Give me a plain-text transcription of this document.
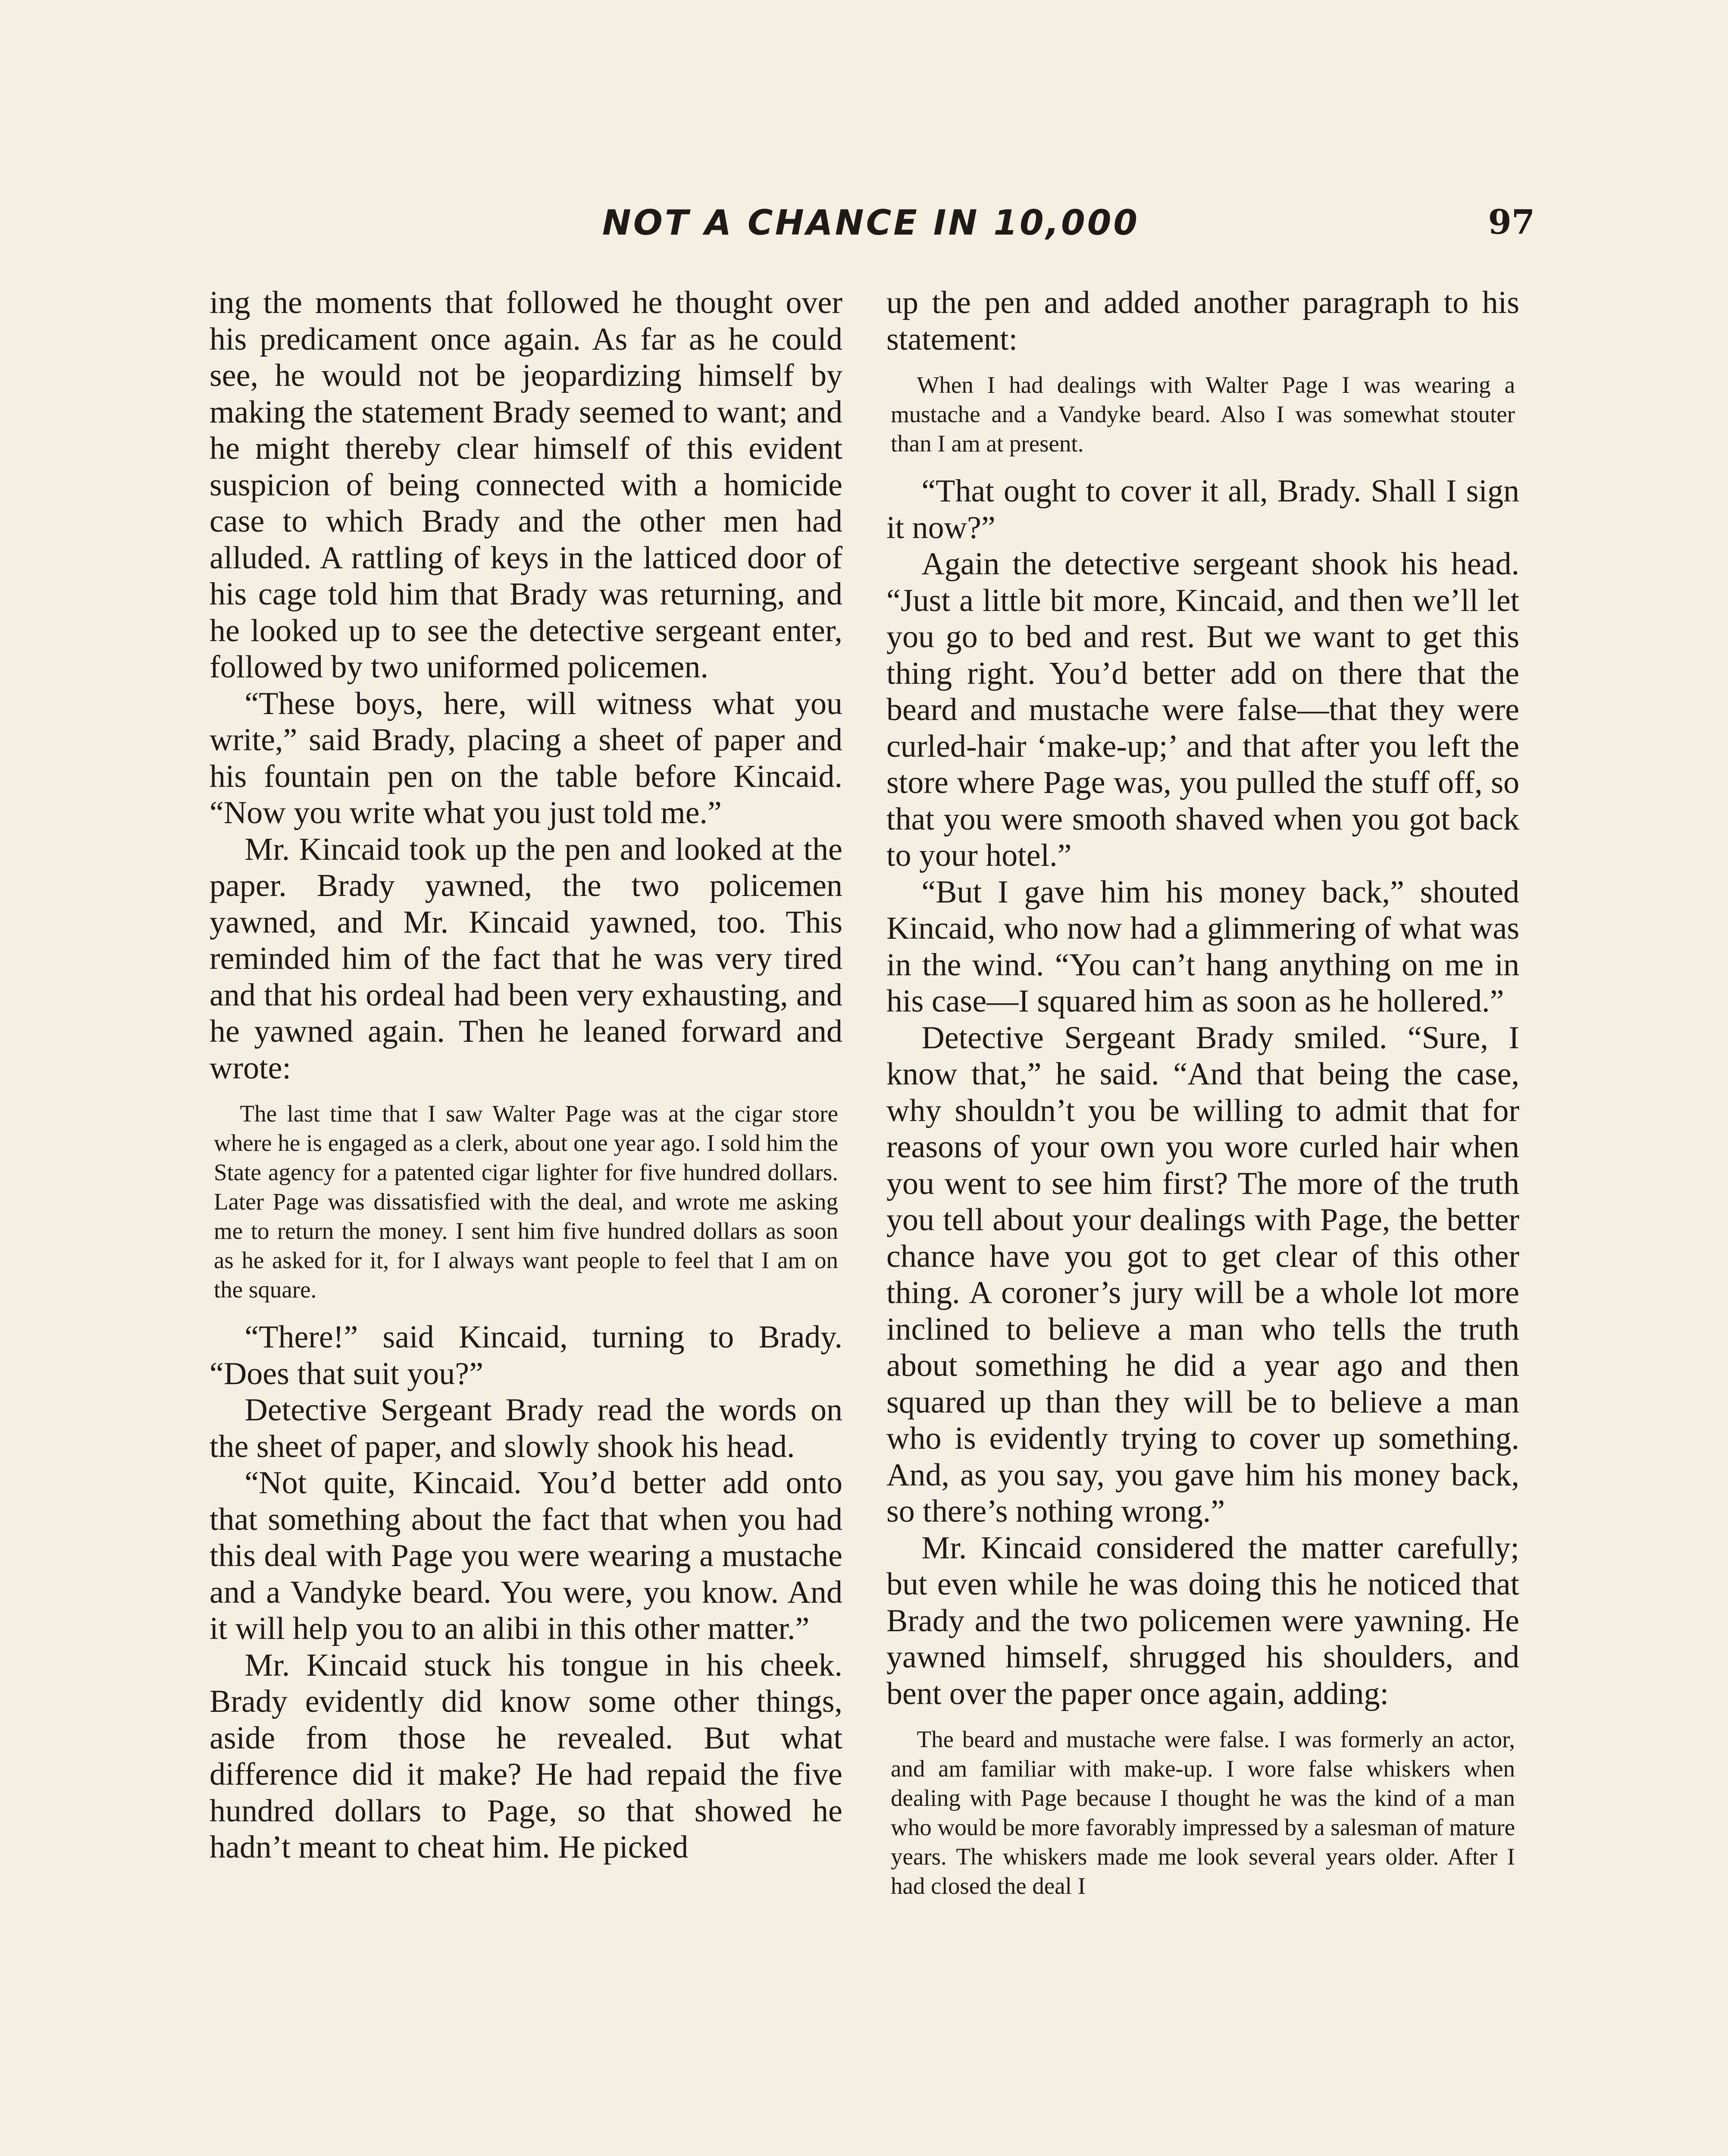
NOT A CHANCE IN 10,000	97

ing the moments that followed he thought over his predicament once again. As far as he could see, he would not be jeopardizing himself by making the statement Brady seemed to want; and he might thereby clear himself of this evident suspicion of being connected with a homicide case to which Brady and the other men had alluded. A rattling of keys in the latticed door of his cage told him that Brady was returning, and he looked up to see the detective sergeant enter, followed by two uniformed policemen.

“These boys, here, will witness what you write,” said Brady, placing a sheet of paper and his fountain pen on the table before Kincaid. “Now you write what you just told me.”

Mr. Kincaid took up the pen and looked at the paper. Brady yawned, the two policemen yawned, and Mr. Kincaid yawned, too. This reminded him of the fact that he was very tired and that his ordeal had been very exhausting, and he yawned again. Then he leaned forward and wrote:

The last time that I saw Walter Page was at the cigar store where he is engaged as a clerk, about one year ago. I sold him the State agency for a patented cigar lighter for five hundred dollars. Later Page was dissatisfied with the deal, and wrote me asking me to return the money. I sent him five hundred dollars as soon as he asked for it, for I always want people to feel that I am on the square.

“There!” said Kincaid, turning to Brady. “Does that suit you?”

Detective Sergeant Brady read the words on the sheet of paper, and slowly shook his head.

“Not quite, Kincaid. You’d better add onto that something about the fact that when you had this deal with Page you were wearing a mustache and a Vandyke beard. You were, you know. And it will help you to an alibi in this other matter.”

Mr. Kincaid stuck his tongue in his cheek. Brady evidently did know some other things, aside from those he revealed. But what difference did it make? He had repaid the five hundred dollars to Page, so that showed he hadn’t meant to cheat him. He picked

up the pen and added another paragraph to his statement:

When I had dealings with Walter Page I was wearing a mustache and a Vandyke beard. Also I was somewhat stouter than I am at present.

“That ought to cover it all, Brady. Shall I sign it now?”

Again the detective sergeant shook his head. “Just a little bit more, Kincaid, and then we’ll let you go to bed and rest. But we want to get this thing right. You’d better add on there that the beard and mustache were false—that they were curled-hair ‘make-up;’ and that after you left the store where Page was, you pulled the stuff off, so that you were smooth shaved when you got back to your hotel.”

“But I gave him his money back,” shouted Kincaid, who now had a glimmering of what was in the wind. “You can’t hang anything on me in his case—I squared him as soon as he hollered.”

Detective Sergeant Brady smiled. “Sure, I know that,” he said. “And that being the case, why shouldn’t you be willing to admit that for reasons of your own you wore curled hair when you went to see him first? The more of the truth you tell about your dealings with Page, the better chance have you got to get clear of this other thing. A coroner’s jury will be a whole lot more inclined to believe a man who tells the truth about something he did a year ago and then squared up than they will be to believe a man who is evidently trying to cover up something. And, as you say, you gave him his money back, so there’s nothing wrong.”

Mr. Kincaid considered the matter carefully; but even while he was doing this he noticed that Brady and the two policemen were yawning. He yawned himself, shrugged his shoulders, and bent over the paper once again, adding:

The beard and mustache were false. I was formerly an actor, and am familiar with make-up. I wore false whiskers when dealing with Page because I thought he was the kind of a man who would be more favorably impressed by a salesman of mature years. The whiskers made me look several years older. After I had closed the deal I
